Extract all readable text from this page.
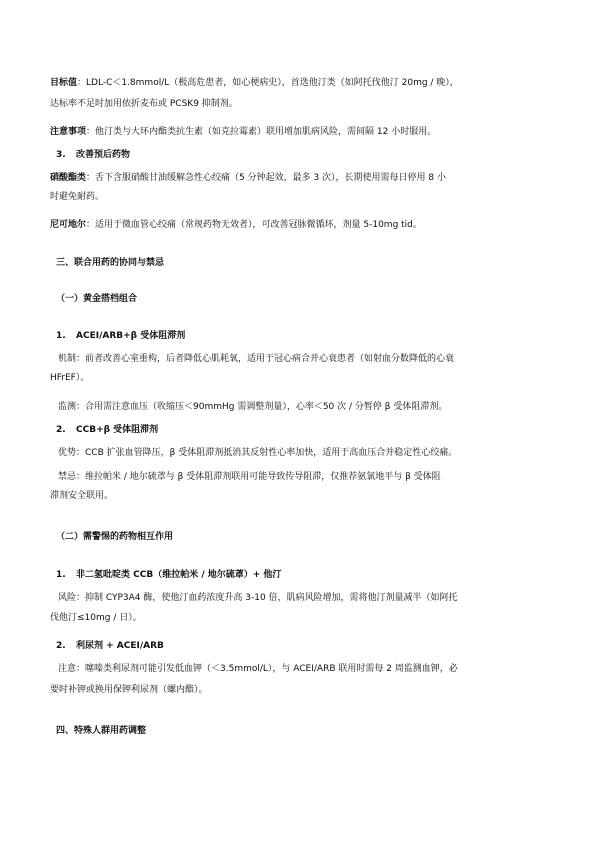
目标值：LDL-C＜1.8mmol/L（极高危患者，如心梗病史），首选他汀类（如阿托伐他汀 20mg / 晚），
达标率不足时加用依折麦布或 PCSK9 抑制剂。
注意事项：他汀类与大环内酯类抗生素（如克拉霉素）联用增加肌病风险，需间隔 12 小时服用。
3. 改善预后药物
硝酸酯类：舌下含服硝酸甘油缓解急性心绞痛（5 分钟起效，最多 3 次），长期使用需每日停用 8 小
时避免耐药。
尼可地尔：适用于微血管心绞痛（常规药物无效者），可改善冠脉微循环，剂量 5-10mg tid。
三、联合用药的协同与禁忌
（一）黄金搭档组合
1. ACEI/ARB+β 受体阻滞剂
机制：前者改善心室重构，后者降低心肌耗氧，适用于冠心病合并心衰患者（如射血分数降低的心衰
HFrEF）。
监测：合用需注意血压（收缩压＜90mmHg 需调整剂量），心率＜50 次 / 分暂停 β 受体阻滞剂。
2. CCB+β 受体阻滞剂
优势：CCB 扩张血管降压，β 受体阻滞剂抵消其反射性心率加快，适用于高血压合并稳定性心绞痛。
禁忌：维拉帕米 / 地尔硫䓬与 β 受体阻滞剂联用可能导致传导阻滞，仅推荐氨氯地平与 β 受体阻
滞剂安全联用。
（二）需警惕的药物相互作用
1. 非二氢吡啶类 CCB（维拉帕米 / 地尔硫䓬）+ 他汀
风险：抑制 CYP3A4 酶，使他汀血药浓度升高 3-10 倍，肌病风险增加，需将他汀剂量减半（如阿托
伐他汀≤10mg / 日）。
2. 利尿剂 + ACEI/ARB
注意：噻嗪类利尿剂可能引发低血钾（＜3.5mmol/L），与 ACEI/ARB 联用时需每 2 周监测血钾，必
要时补钾或换用保钾利尿剂（螺内酯）。
四、特殊人群用药调整
